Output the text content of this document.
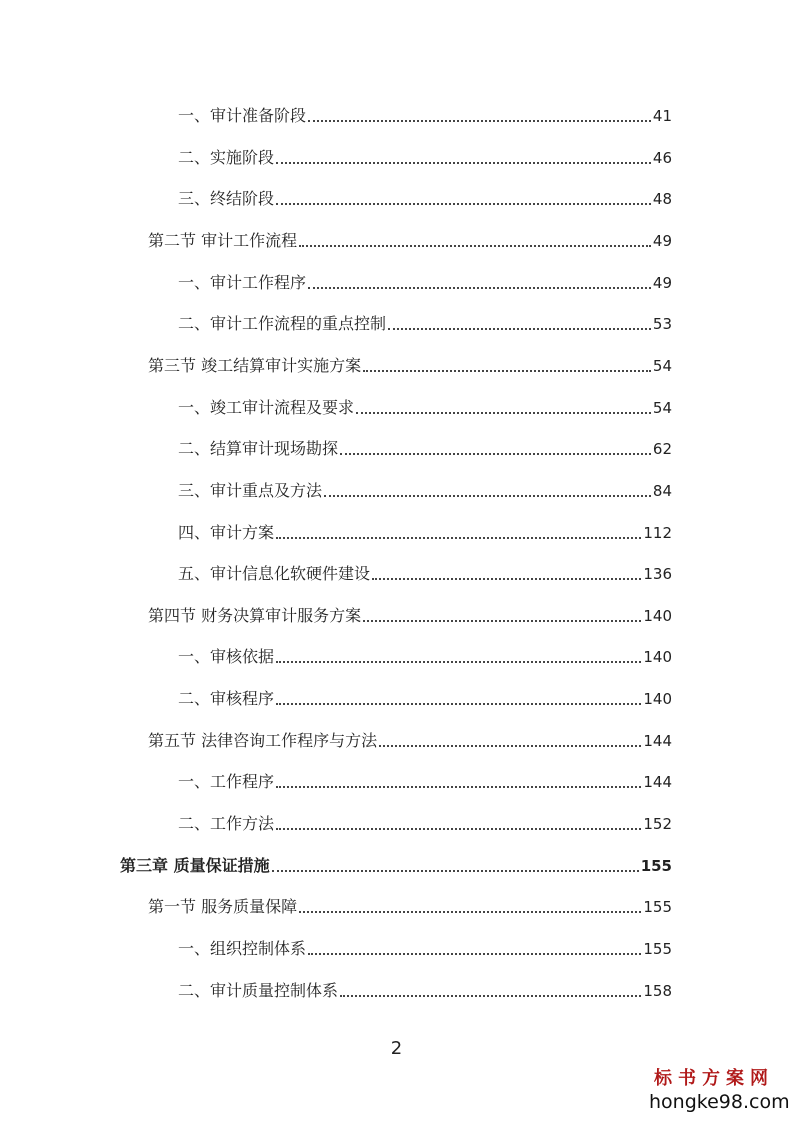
一、审计准备阶段	41
二、实施阶段	46
三、终结阶段	48
第二节 审计工作流程	49
一、审计工作程序	49
二、审计工作流程的重点控制	53
第三节 竣工结算审计实施方案	54
一、竣工审计流程及要求	54
二、结算审计现场勘探	62
三、审计重点及方法	84
四、审计方案	112
五、审计信息化软硬件建设	136
第四节 财务决算审计服务方案	140
一、审核依据	140
二、审核程序	140
第五节 法律咨询工作程序与方法	144
一、工作程序	144
二、工作方法	152
第三章 质量保证措施	155
第一节 服务质量保障	155
一、组织控制体系	155
二、审计质量控制体系	158
2
标书方案网
hongke98.com
